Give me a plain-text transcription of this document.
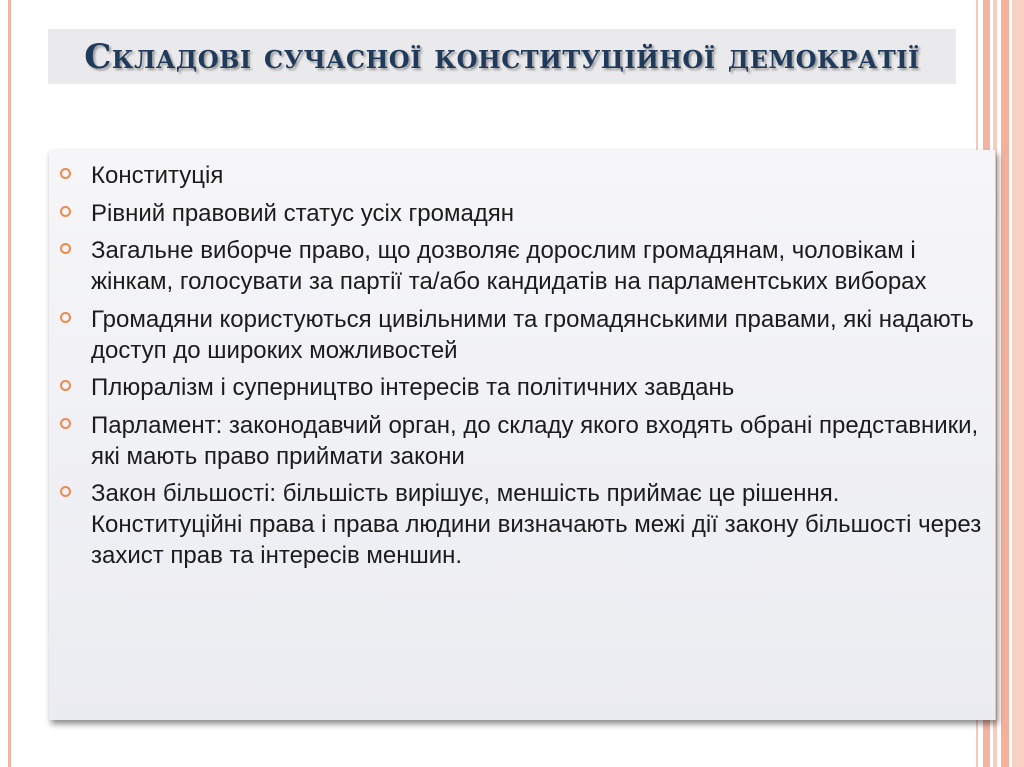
Складові сучасної конституційної демократії
Конституція
Рівний правовий статус усіх громадян
Загальне виборче право, що дозволяє дорослим громадянам, чоловікам і жінкам, голосувати за партії та/або кандидатів на парламентських виборах
Громадяни користуються цивільними та громадянськими правами, які надають доступ до широких можливостей
Плюралізм і суперництво інтересів та політичних завдань
Парламент: законодавчий орган, до складу якого входять обрані представники, які мають право приймати закони
Закон більшості: більшість вирішує, меншість приймає це рішення. Конституційні права і права людини визначають межі дії закону більшості через захист прав та інтересів меншин.
